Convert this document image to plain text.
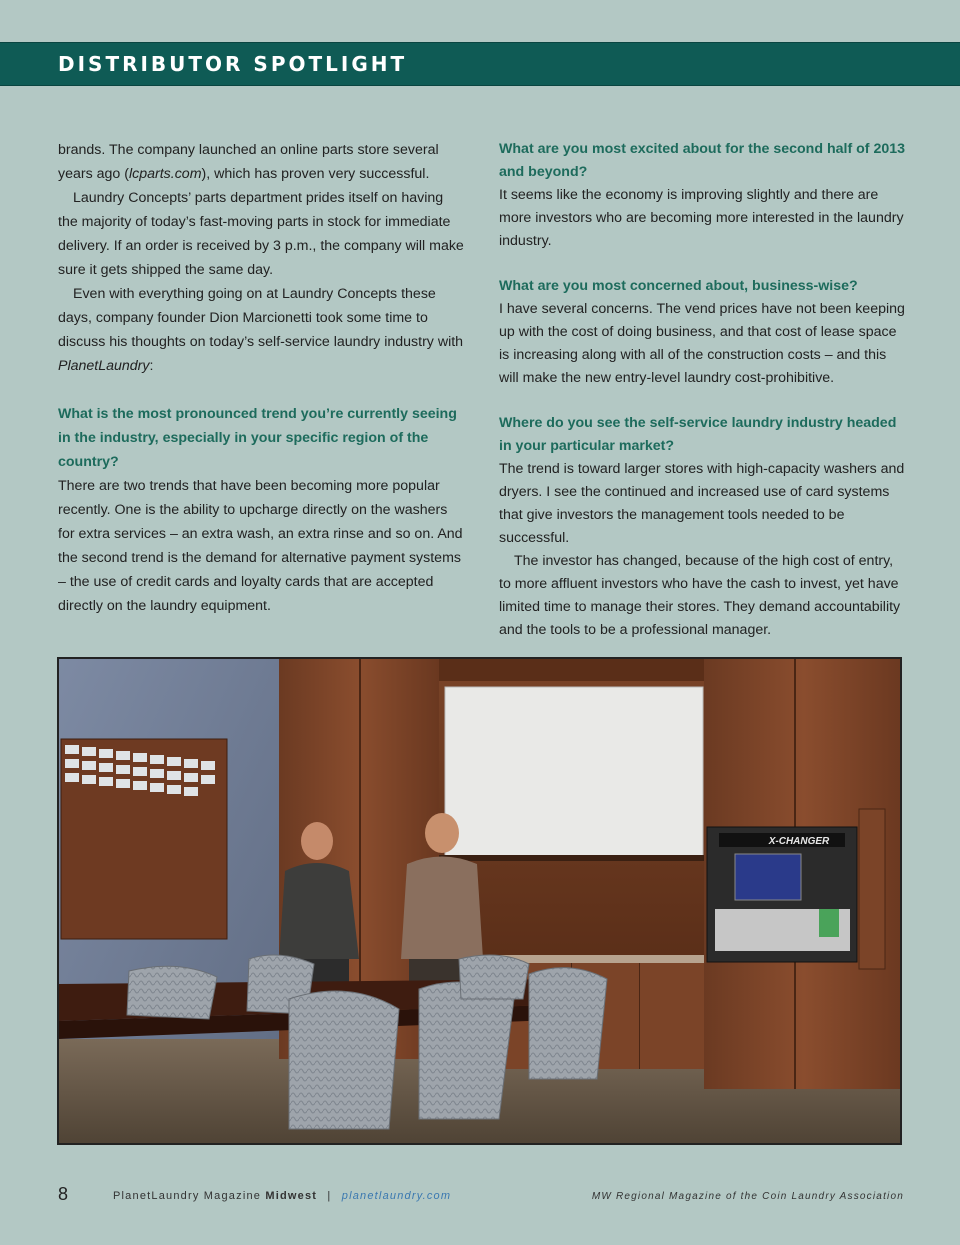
DISTRIBUTOR SPOTLIGHT

brands. The company launched an online parts store several years ago (lcparts.com), which has proven very successful.

Laundry Concepts’ parts department prides itself on having the majority of today’s fast-moving parts in stock for immediate delivery. If an order is received by 3 p.m., the company will make sure it gets shipped the same day.

Even with everything going on at Laundry Concepts these days, company founder Dion Marcionetti took some time to discuss his thoughts on today’s self-service laundry industry with PlanetLaundry:

What is the most pronounced trend you’re currently seeing in the industry, especially in your specific region of the country?

There are two trends that have been becoming more popular recently. One is the ability to upcharge directly on the washers for extra services – an extra wash, an extra rinse and so on. And the second trend is the demand for alternative payment systems – the use of credit cards and loyalty cards that are accepted directly on the laundry equipment.

What are you most excited about for the second half of 2013 and beyond?

It seems like the economy is improving slightly and there are more investors who are becoming more interested in the laundry industry.

What are you most concerned about, business-wise?

I have several concerns. The vend prices have not been keeping up with the cost of doing business, and that cost of lease space is increasing along with all of the construction costs – and this will make the new entry-level laundry cost-prohibitive.

Where do you see the self-service laundry industry headed in your particular market?

The trend is toward larger stores with high-capacity washers and dryers. I see the continued and increased use of card systems that give investors the management tools needed to be successful.

The investor has changed, because of the high cost of entry, to more affluent investors who have the cash to invest, yet have limited time to manage their stores. They demand accountability and the tools to be a professional manager.

X-CHANGER
8	PlanetLaundry Magazine Midwest | planetlaundry.com	MW Regional Magazine of the Coin Laundry Association
